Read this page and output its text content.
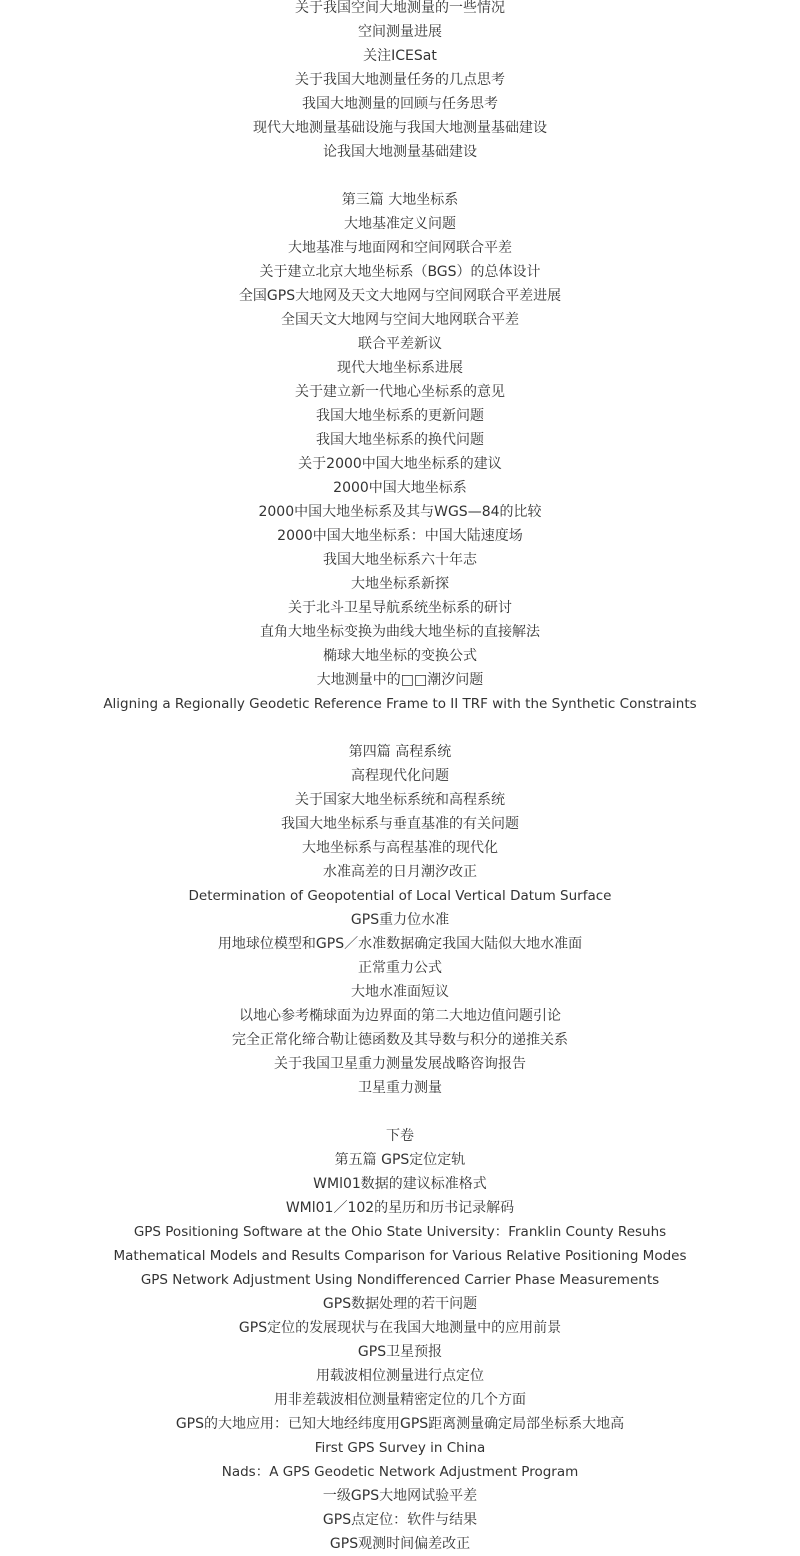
关于我国空间大地测量的一些情况
空间测量进展
关注ICESat
关于我国大地测量任务的几点思考
我国大地测量的回顾与任务思考
现代大地测量基础设施与我国大地测量基础建设
论我国大地测量基础建设
第三篇 大地坐标系
大地基准定义问题
大地基准与地面网和空间网联合平差
关于建立北京大地坐标系（BGS）的总体设计
全国GPS大地网及天文大地网与空间网联合平差进展
全国天文大地网与空间大地网联合平差
联合平差新议
现代大地坐标系进展
关于建立新一代地心坐标系的意见
我国大地坐标系的更新问题
我国大地坐标系的换代问题
关于2000中国大地坐标系的建议
2000中国大地坐标系
2000中国大地坐标系及其与WGS—84的比较
2000中国大地坐标系：中国大陆速度场
我国大地坐标系六十年志
大地坐标系新探
关于北斗卫星导航系统坐标系的研讨
直角大地坐标变换为曲线大地坐标的直接解法
椭球大地坐标的变换公式
大地测量中的□□潮汐问题
Aligning a Regionally Geodetic Reference Frame to II TRF with the Synthetic Constraints
第四篇 高程系统
高程现代化问题
关于国家大地坐标系统和高程系统
我国大地坐标系与垂直基准的有关问题
大地坐标系与高程基准的现代化
水准高差的日月潮汐改正
Determination of Geopotential of Local Vertical Datum Surface
GPS重力位水准
用地球位模型和GPS／水准数据确定我国大陆似大地水准面
正常重力公式
大地水准面短议
以地心参考椭球面为边界面的第二大地边值问题引论
完全正常化缔合勒让德函数及其导数与积分的递推关系
关于我国卫星重力测量发展战略咨询报告
卫星重力测量
下卷
第五篇 GPS定位定轨
WMl01数据的建议标准格式
WMl01／102的星历和历书记录解码
GPS Positioning Software at the Ohio State University：Franklin County Resuhs
Mathematical Models and Results Comparison for Various Relative Positioning Modes
GPS Network Adjustment Using Nondifferenced Carrier Phase Measurements
GPS数据处理的若干问题
GPS定位的发展现状与在我国大地测量中的应用前景
GPS卫星预报
用载波相位测量进行点定位
用非差载波相位测量精密定位的几个方面
GPS的大地应用：已知大地经纬度用GPS距离测量确定局部坐标系大地高
First GPS Survey in China
Nads：A GPS Geodetic Network Adjustment Program
一级GPS大地网试验平差
GPS点定位：软件与结果
GPS观测时间偏差改正
